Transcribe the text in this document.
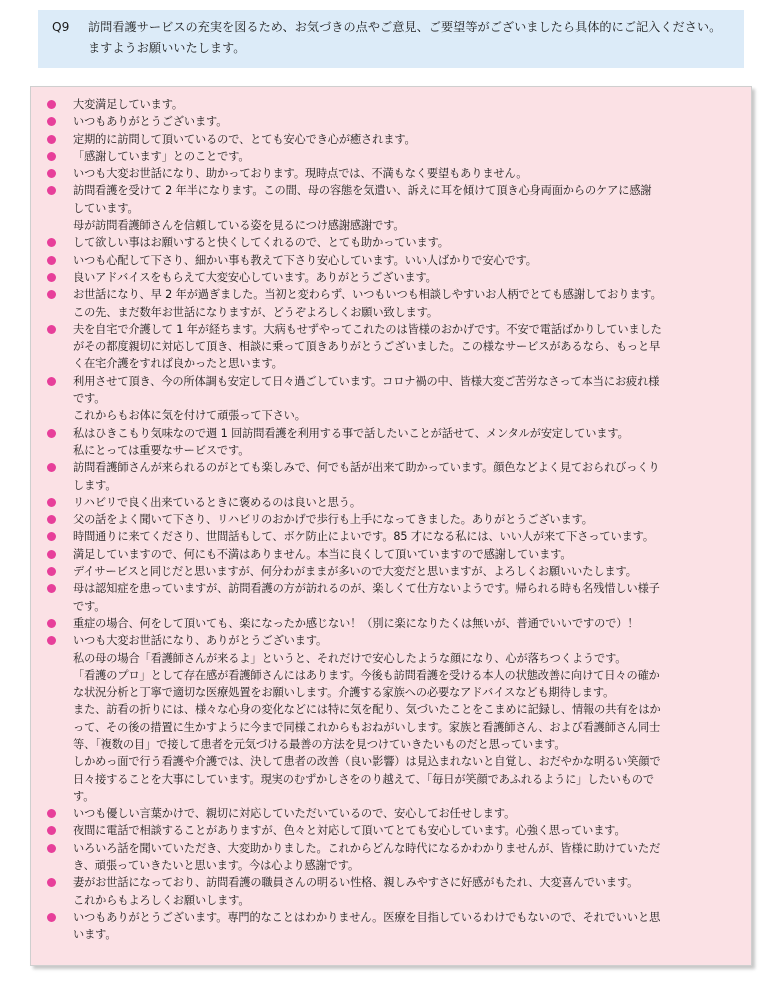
Q9	訪問看護サービスの充実を図るため、お気づきの点やご意見、ご要望等がございましたら具体的にご記入ください。ますようお願いいたします。
大変満足しています。
いつもありがとうございます。
定期的に訪問して頂いているので、とても安心でき心が癒されます。
「感謝しています」とのことです。
いつも大変お世話になり、助かっております。現時点では、不満もなく要望もありません。
訪問看護を受けて 2 年半になります。この間、母の容態を気遣い、訴えに耳を傾けて頂き心身両面からのケアに感謝
しています。
母が訪問看護師さんを信頼している姿を見るにつけ感謝感謝です。
して欲しい事はお願いすると快くしてくれるので、とても助かっています。
いつも心配して下さり、細かい事も教えて下さり安心しています。いい人ばかりで安心です。
良いアドバイスをもらえて大変安心しています。ありがとうございます。
お世話になり、早 2 年が過ぎました。当初と変わらず、いつもいつも相談しやすいお人柄でとても感謝しております。
この先、まだ数年お世話になりますが、どうぞよろしくお願い致します。
夫を自宅で介護して 1 年が経ちます。大病もせずやってこれたのは皆様のおかげです。不安で電話ばかりしていました
がその都度親切に対応して頂き、相談に乗って頂きありがとうございました。この様なサービスがあるなら、もっと早
く在宅介護をすれば良かったと思います。
利用させて頂き、今の所体調も安定して日々過ごしています。コロナ禍の中、皆様大変ご苦労なさって本当にお疲れ様
です。
これからもお体に気を付けて頑張って下さい。
私はひきこもり気味なので週 1 回訪問看護を利用する事で話したいことが話せて、メンタルが安定しています。
私にとっては重要なサービスです。
訪問看護師さんが来られるのがとても楽しみで、何でも話が出来て助かっています。顔色などよく見ておられびっくり
します。
リハビリで良く出来ているときに褒めるのは良いと思う。
父の話をよく聞いて下さり、リハビリのおかげで歩行も上手になってきました。ありがとうございます。
時間通りに来てくださり、世間話もして、ボケ防止によいです。85 才になる私には、いい人が来て下さっています。
満足していますので、何にも不満はありません。本当に良くして頂いていますので感謝しています。
デイサービスと同じだと思いますが、何分わがままが多いので大変だと思いますが、よろしくお願いいたします。
母は認知症を患っていますが、訪問看護の方が訪れるのが、楽しくて仕方ないようです。帰られる時も名残惜しい様子
です。
重症の場合、何をして頂いても、楽になったか感じない！（別に楽になりたくは無いが、普通でいいですので）！
いつも大変お世話になり、ありがとうございます。
私の母の場合「看護師さんが来るよ」というと、それだけで安心したような顔になり、心が落ちつくようです。
「看護のプロ」として存在感が看護師さんにはあります。今後も訪問看護を受ける本人の状態改善に向けて日々の確か
な状況分析と丁寧で適切な医療処置をお願いします。介護する家族への必要なアドバイスなども期待します。
また、訪看の折りには、様々な心身の変化などには特に気を配り、気づいたことをこまめに記録し、情報の共有をはか
って、その後の措置に生かすように今まで同様これからもおねがいします。家族と看護師さん、および看護師さん同士
等、「複数の目」で接して患者を元気づける最善の方法を見つけていきたいものだと思っています。
しかめっ面で行う看護や介護では、決して患者の改善（良い影響）は見込まれないと自覚し、おだやかな明るい笑顔で
日々接することを大事にしています。現実のむずかしさをのり越えて、「毎日が笑顔であふれるように」したいもので
す。
いつも優しい言葉かけで、親切に対応していただいているので、安心してお任せします。
夜間に電話で相談することがありますが、色々と対応して頂いてとても安心しています。心強く思っています。
いろいろ話を聞いていただき、大変助かりました。これからどんな時代になるかわかりませんが、皆様に助けていただ
き、頑張っていきたいと思います。今は心より感謝です。
妻がお世話になっており、訪問看護の職員さんの明るい性格、親しみやすさに好感がもたれ、大変喜んでいます。
これからもよろしくお願いします。
いつもありがとうございます。専門的なことはわかりません。医療を目指しているわけでもないので、それでいいと思
います。
